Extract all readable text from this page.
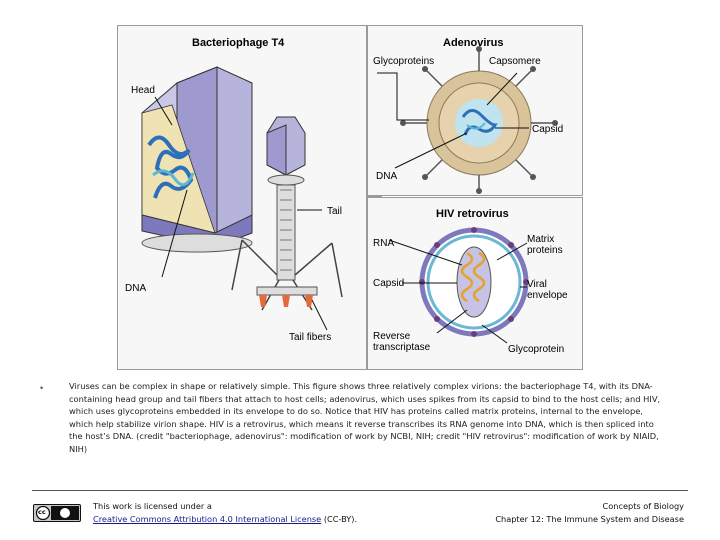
Bacteriophage T4
Head
Tail
DNA
Tail fibers
Adenovirus
Glycoproteins	Capsomere
Capsid
DNA
HIV retrovirus
RNA	Matrix
proteins
Capsid	Viral
envelope
Reverse
transcriptase	Glycoprotein
•	Viruses can be complex in shape or relatively simple. This figure shows three relatively complex virions: the bacteriophage T4, with its DNA-containing head group and tail fibers that attach to host cells; adenovirus, which uses spikes from its capsid to bind to the host cells; and HIV, which uses glycoproteins embedded in its envelope to do so. Notice that HIV has proteins called matrix proteins, internal to the envelope, which help stabilize virion shape. HIV is a retrovirus, which means it reverse transcribes its RNA genome into DNA, which is then spliced into the host’s DNA. (credit "bacteriophage, adenovirus": modification of work by NCBI, NIH; credit "HIV retrovirus": modification of work by NIAID, NIH)
cc
This work is licensed under a
Creative Commons Attribution 4.0 International License (CC-BY).
Concepts of Biology
Chapter 12: The Immune System and Disease
